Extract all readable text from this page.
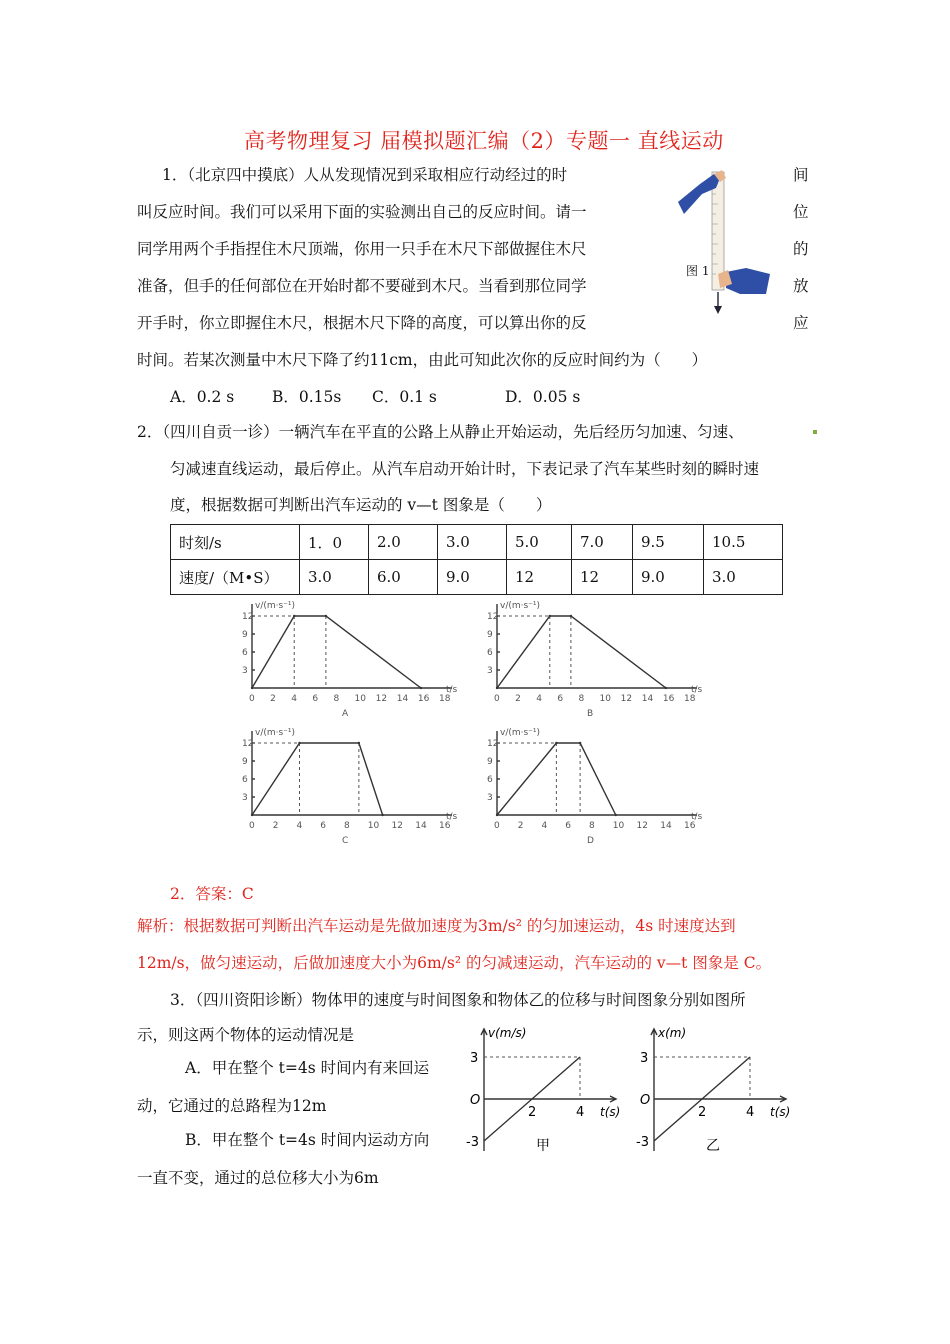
高考物理复习 届模拟题汇编（2）专题一 直线运动
1．（北京四中摸底）人从发现情况到采取相应行动经过的时
叫反应时间。我们可以采用下面的实验测出自己的反应时间。请一
同学用两个手指捏住木尺顶端，你用一只手在木尺下部做握住木尺
准备，但手的任何部位在开始时都不要碰到木尺。当看到那位同学
开手时，你立即握住木尺，根据木尺下降的高度，可以算出你的反
时间。若某次测量中木尺下降了约11cm，由此可知此次你的反应时间约为（　　）
间
位
的
放
应
图 1
A．0.2 s B．0.15s C．0.1 s	D．0.05 s
2．（四川自贡一诊）一辆汽车在平直的公路上从静止开始运动，先后经历匀加速、匀速、
匀减速直线运动，最后停止。从汽车启动开始计时，下表记录了汽车某些时刻的瞬时速
度，根据数据可判断出汽车运动的 v—t 图象是（　　）
时刻/s	1．0	2.0	3.0	5.0	7.0	9.5	10.5
速度/（M•S）	3.0	6.0	9.0	12	12	9.0	3.0
v/(m·s⁻¹)
t/s
0 2 4 6 8 10 12 14 16 18
3
6
9
12
A
v/(m·s⁻¹)
t/s
0 2 4 6 8 10 12 14 16 18
3
6
9
12
B
v/(m·s⁻¹)
t/s
0 2 4 6 8 10 12 14 16
3
6
9
12
C
v/(m·s⁻¹)
t/s
0 2 4 6 8 10 12 14 16
3
6
9
12
D
2．答案：C
解析：根据数据可判断出汽车运动是先做加速度为3m/s² 的匀加速运动，4s 时速度达到
12m/s，做匀速运动，后做加速度大小为6m/s² 的匀减速运动，汽车运动的 v—t 图象是 C。
3．（四川资阳诊断）物体甲的速度与时间图象和物体乙的位移与时间图象分别如图所
示，则这两个物体的运动情况是
A．甲在整个 t=4s 时间内有来回运
动，它通过的总路程为12m
B．甲在整个 t=4s 时间内运动方向
一直不变，通过的总位移大小为6m
v(m/s)
t(s)
O
2	4
3
-3	甲
x(m)
t(s)
O
2	4
3
-3	乙
